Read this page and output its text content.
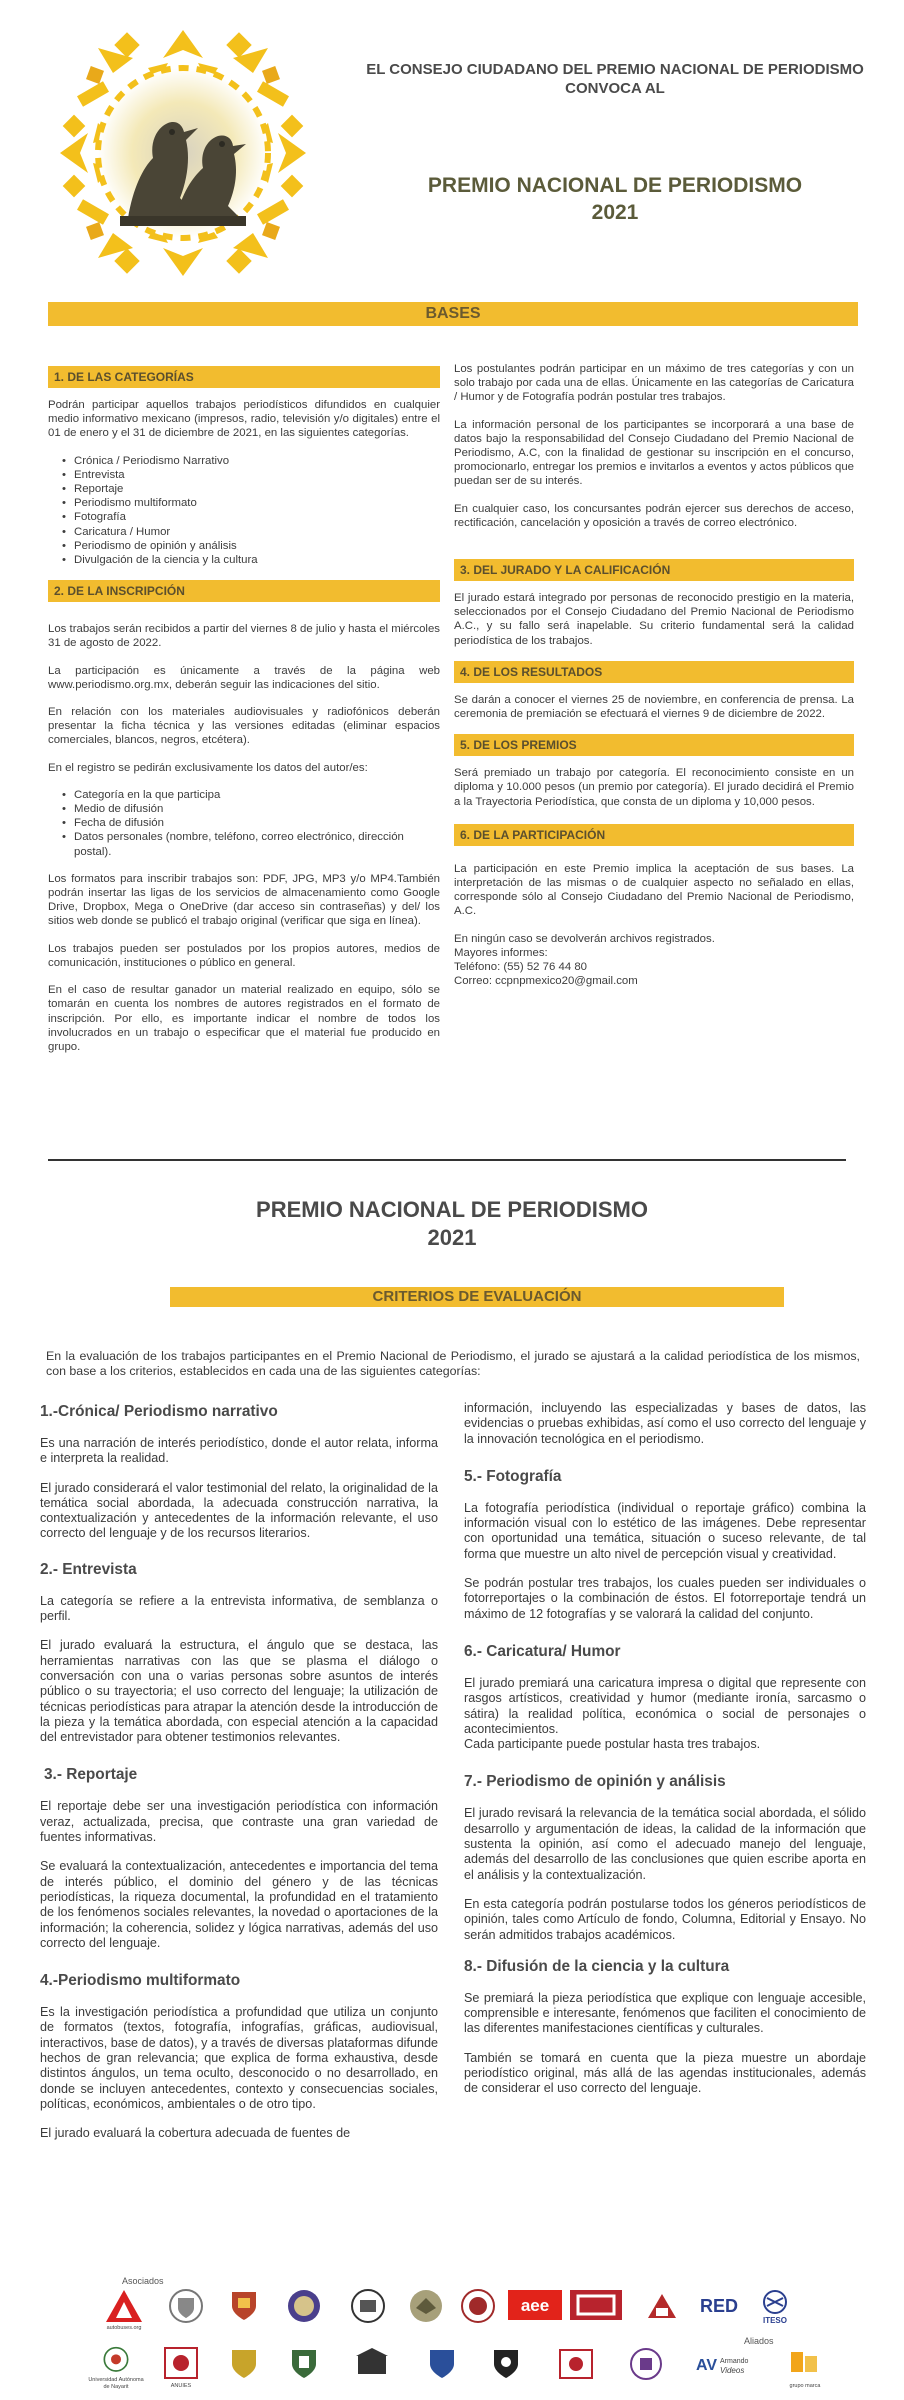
EL CONSEJO CIUDADANO DEL PREMIO NACIONAL DE PERIODISMO CONVOCA AL
PREMIO NACIONAL DE PERIODISMO
2021
BASES
1. DE LAS CATEGORÍAS

Podrán participar aquellos trabajos periodísticos difundidos en cualquier medio informativo mexicano (impresos, radio, televisión y/o digitales) entre el 01 de enero y el 31 de diciembre de 2021, en las siguientes categorías.

• Crónica / Periodismo Narrativo
• Entrevista
• Reportaje
• Periodismo multiformato
• Fotografía
• Caricatura / Humor
• Periodismo de opinión y análisis
• Divulgación de la ciencia y la cultura
2. DE LA INSCRIPCIÓN

Los trabajos serán recibidos a partir del viernes 8 de julio y hasta el miércoles 31 de agosto de 2022.

La participación es únicamente a través de la página web www.periodismo.org.mx, deberán seguir las indicaciones del sitio.

En relación con los materiales audiovisuales y radiofónicos deberán presentar la ficha técnica y las versiones editadas (eliminar espacios comerciales, blancos, negros, etcétera).

En el registro se pedirán exclusivamente los datos del autor/es:

• Categoría en la que participa
• Medio de difusión
• Fecha de difusión
• Datos personales (nombre, teléfono, correo electrónico, dirección postal).

Los formatos para inscribir trabajos son: PDF, JPG, MP3 y/o MP4.También podrán insertar las ligas de los servicios de almacenamiento como Google Drive, Dropbox, Mega o OneDrive (dar acceso sin contraseñas) y del/ los sitios web donde se publicó el trabajo original (verificar que siga en línea).

Los trabajos pueden ser postulados por los propios autores, medios de comunicación, instituciones o público en general.

En el caso de resultar ganador un material realizado en equipo, sólo se tomarán en cuenta los nombres de autores registrados en el formato de inscripción. Por ello, es importante indicar el nombre de todos los involucrados en un trabajo o especificar que el material fue producido en grupo.

Los postulantes podrán participar en un máximo de tres categorías y con un solo trabajo por cada una de ellas. Únicamente en las categorías de Caricatura / Humor y de Fotografía podrán postular tres trabajos.

La información personal de los participantes se incorporará a una base de datos bajo la responsabilidad del Consejo Ciudadano del Premio Nacional de Periodismo, A.C, con la finalidad de gestionar su inscripción en el concurso, promocionarlo, entregar los premios e invitarlos a eventos y actos públicos que puedan ser de su interés.

En cualquier caso, los concursantes podrán ejercer sus derechos de acceso, rectificación, cancelación y oposición a través de correo electrónico.

3. DEL JURADO Y LA CALIFICACIÓN

El jurado estará integrado por personas de reconocido prestigio en la materia, seleccionados por el Consejo Ciudadano del Premio Nacional de Periodismo A.C., y su fallo será inapelable. Su criterio fundamental será la calidad periodística de los trabajos.

4. DE LOS RESULTADOS

Se darán a conocer el viernes 25 de noviembre, en conferencia de prensa. La ceremonia de premiación se efectuará el viernes 9 de diciembre de 2022.

5. DE LOS PREMIOS

Será premiado un trabajo por categoría. El reconocimiento consiste en un diploma y 10.000 pesos (un premio por categoría). El jurado decidirá el Premio a la Trayectoria Periodística, que consta de un diploma y 10,000 pesos.

6. DE LA PARTICIPACIÓN

La participación en este Premio implica la aceptación de sus bases. La interpretación de las mismas o de cualquier aspecto no señalado en ellas, corresponde sólo al Consejo Ciudadano del Premio Nacional de Periodismo, A.C.

En ningún caso se devolverán archivos registrados.
Mayores informes:
Teléfono: (55) 52 76 44 80
Correo: ccpnpmexico20@gmail.com
PREMIO NACIONAL DE PERIODISMO
2021
CRITERIOS DE EVALUACIÓN
En la evaluación de los trabajos participantes en el Premio Nacional de Periodismo, el jurado se ajustará a la calidad periodística de los mismos, con base a los criterios, establecidos en cada una de las siguientes categorías:
1.-Crónica/ Periodismo narrativo

Es una narración de interés periodístico, donde el autor relata, informa e interpreta la realidad.

El jurado considerará el valor testimonial del relato, la originalidad de la temática social abordada, la adecuada construcción narrativa, la contextualización y antecedentes de la información relevante, el uso correcto del lenguaje y de los recursos literarios.

2.- Entrevista

La categoría se refiere a la entrevista informativa, de semblanza o perfil.

El jurado evaluará la estructura, el ángulo que se destaca, las herramientas narrativas con las que se plasma el diálogo o conversación con una o varias personas sobre asuntos de interés público o su trayectoria; el uso correcto del lenguaje; la utilización de técnicas periodísticas para atrapar la atención desde la introducción de la pieza y la temática abordada, con especial atención a la capacidad del entrevistador para obtener testimonios relevantes.

3.- Reportaje

El reportaje debe ser una investigación periodística con información veraz, actualizada, precisa, que contraste una gran variedad de fuentes informativas.

Se evaluará la contextualización, antecedentes e importancia del tema de interés público, el dominio del género y de las técnicas periodísticas, la riqueza documental, la profundidad en el tratamiento de los fenómenos sociales relevantes, la novedad o aportaciones de la información; la coherencia, solidez y lógica narrativas, además del uso correcto del lenguaje.

4.-Periodismo multiformato

Es la investigación periodística a profundidad que utiliza un conjunto de formatos (textos, fotografía, infografías, gráficas, audiovisual, interactivos, base de datos), y a través de diversas plataformas difunde hechos de gran relevancia; que explica de forma exhaustiva, desde distintos ángulos, un tema oculto, desconocido o no desarrollado, en donde se incluyen antecedentes, contexto y consecuencias sociales, políticas, económicos, ambientales o de otro tipo.

El jurado evaluará la cobertura adecuada de fuentes de

información, incluyendo las especializadas y bases de datos, las evidencias o pruebas exhibidas, así como el uso correcto del lenguaje y la innovación tecnológica en el periodismo.

5.- Fotografía

La fotografía periodística (individual o reportaje gráfico) combina la información visual con lo estético de las imágenes. Debe representar con oportunidad una temática, situación o suceso relevante, de tal forma que muestre un alto nivel de percepción visual y creatividad.

Se podrán postular tres trabajos, los cuales pueden ser individuales o fotorreportajes o la combinación de éstos. El fotorreportaje tendrá un máximo de 12 fotografías y se valorará la calidad del conjunto.

6.- Caricatura/ Humor

El jurado premiará una caricatura impresa o digital que represente con rasgos artísticos, creatividad y humor (mediante ironía, sarcasmo o sátira) la realidad política, económica o social de personajes o acontecimientos.

Cada participante puede postular hasta tres trabajos.

7.- Periodismo de opinión y análisis

El jurado revisará la relevancia de la temática social abordada, el sólido desarrollo y argumentación de ideas, la calidad de la información que sustenta la opinión, así como el adecuado manejo del lenguaje, además del desarrollo de las conclusiones que quien escribe aporta en el análisis y la contextualización.

En esta categoría podrán postularse todos los géneros periodísticos de opinión, tales como Artículo de fondo, Columna, Editorial y Ensayo. No serán admitidos trabajos académicos.

8.- Difusión de la ciencia y la cultura

Se premiará la pieza periodística que explique con lenguaje accesible, comprensible e interesante, fenómenos que faciliten el conocimiento de las diferentes manifestaciones científicas y culturales.

También se tomará en cuenta que la pieza muestre un abordaje periodístico original, más allá de las agendas institucionales, además de considerar el uso correcto del lenguaje.

Asociados
Aliados
autobuses.org
aee	RED
ITESO
Universidad Autónoma de Nayarit	ANUIES
AV Armando
Videos
grupo marca
